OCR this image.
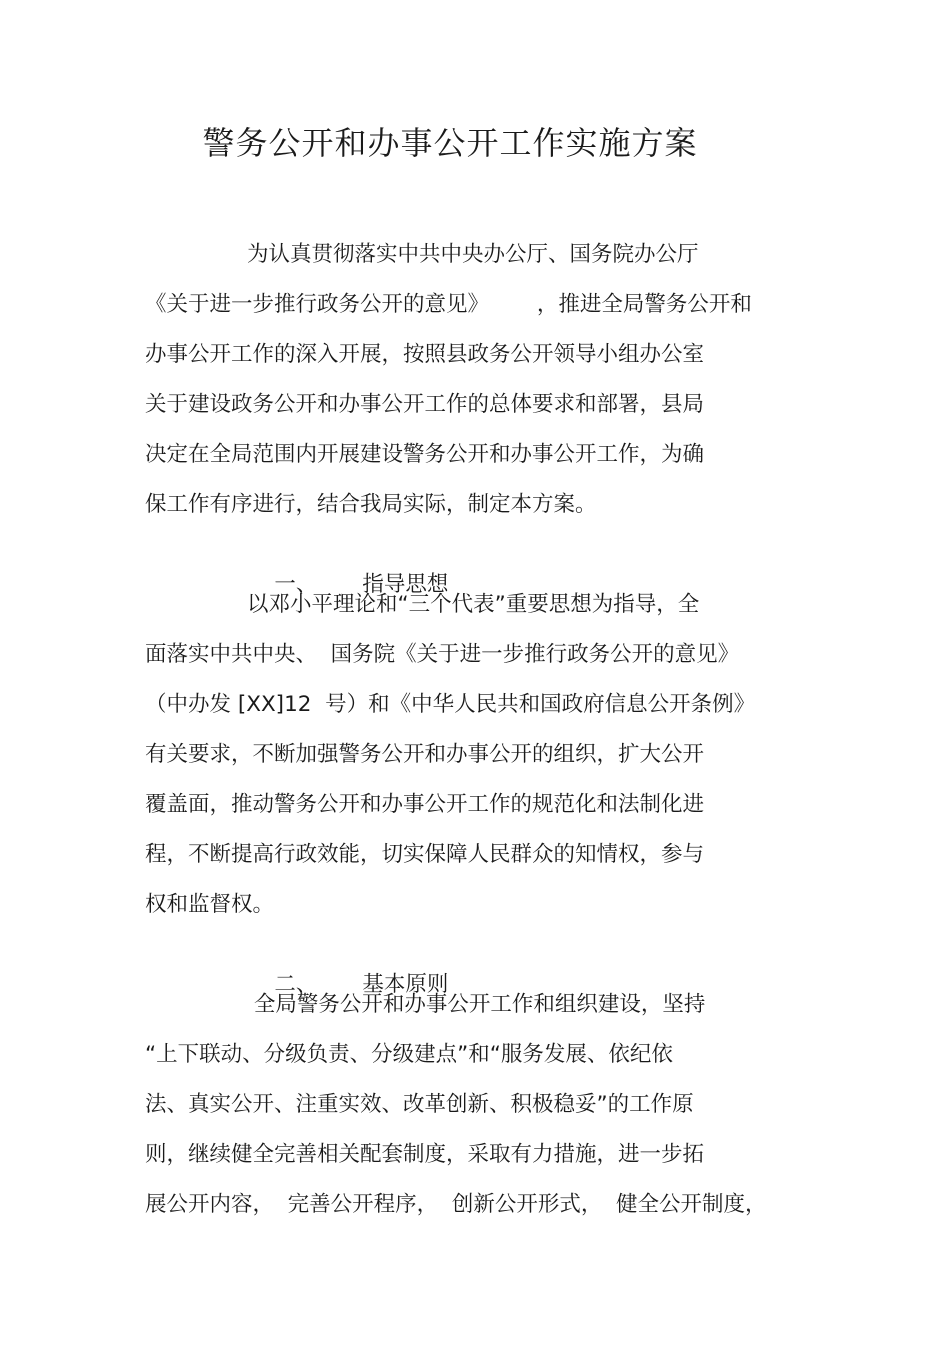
警务公开和办事公开工作实施方案
为认真贯彻落实中共中央办公厅、国务院办公厅
《关于进一步推行政务公开的意见》       ，推进全局警务公开和
办事公开工作的深入开展，按照县政务公开领导小组办公室
关于建设政务公开和办事公开工作的总体要求和部署，县局
决定在全局范围内开展建设警务公开和办事公开工作，为确
保工作有序进行，结合我局实际，制定本方案。

一、 指导思想

以邓小平理论和“三个代表”重要思想为指导，全
面落实中共中央、  国务院《关于进一步推行政务公开的意见》
（中办发 [XX]12  号）和《中华人民共和国政府信息公开条例》
有关要求，不断加强警务公开和办事公开的组织，扩大公开
覆盖面，推动警务公开和办事公开工作的规范化和法制化进
程，不断提高行政效能，切实保障人民群众的知情权，参与
权和监督权。

二、 基本原则

全局警务公开和办事公开工作和组织建设，坚持
“上下联动、分级负责、分级建点”和“服务发展、依纪依
法、真实公开、注重实效、改革创新、积极稳妥”的工作原
则，继续健全完善相关配套制度，采取有力措施，进一步拓
展公开内容，  完善公开程序，  创新公开形式，  健全公开制度，
